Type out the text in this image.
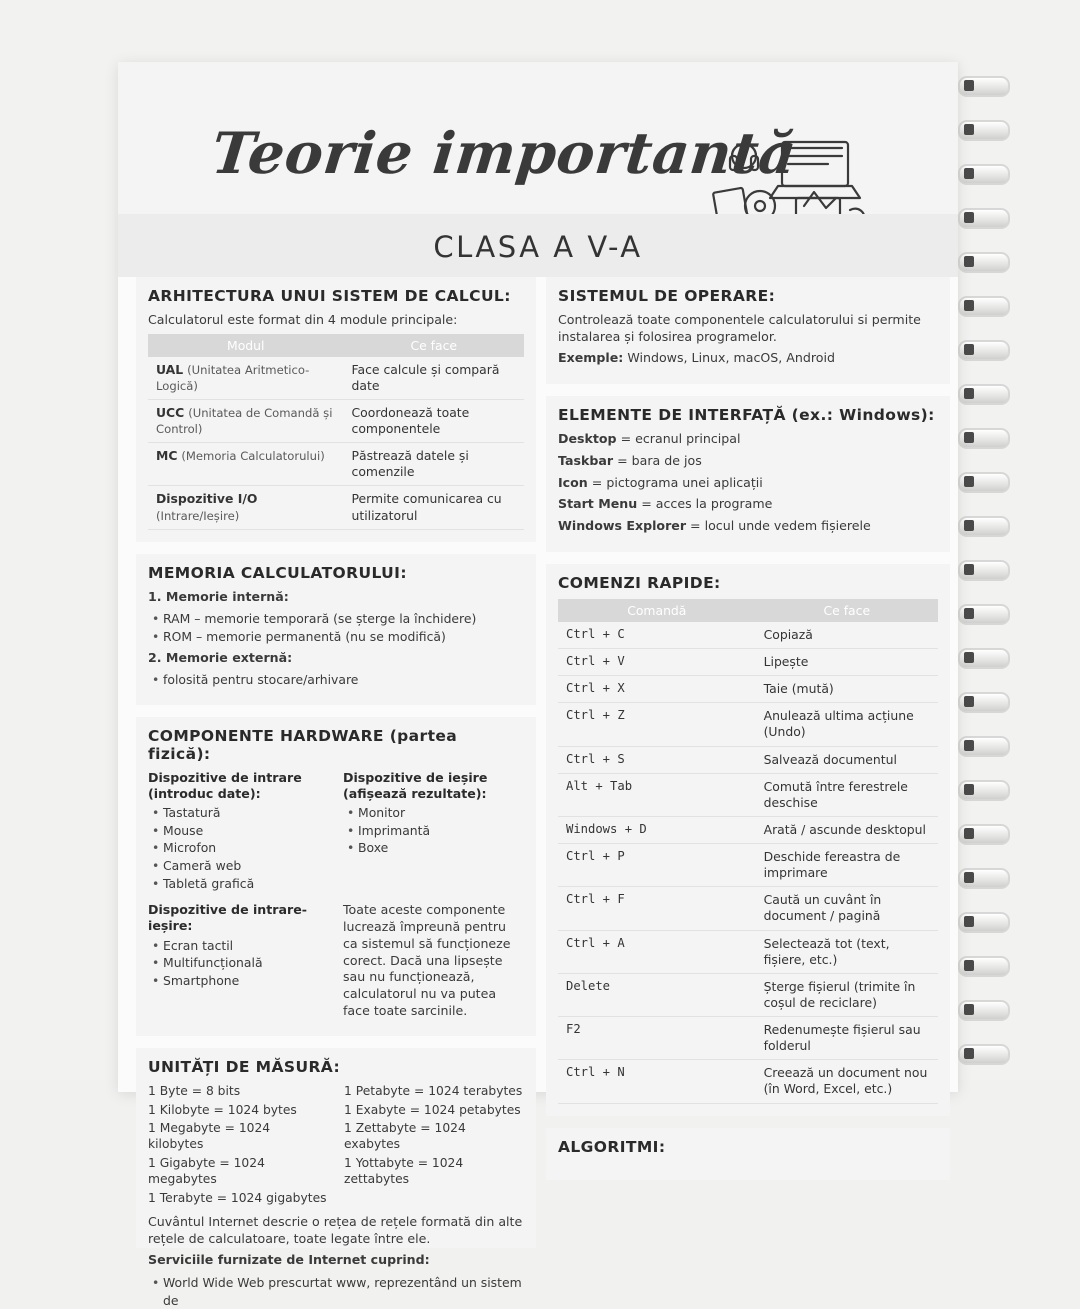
Teorie importantă
CLASA A V-A
ARHITECTURA UNUI SISTEM DE CALCUL:

Calculatorul este format din 4 module principale:

Modul	Ce face
UAL (Unitatea Aritmetico-Logică)	Face calcule și compară date
UCC (Unitatea de Comandă și Control)	Coordonează toate componentele
MC (Memoria Calculatorului)	Păstrează datele și comenzile
Dispozitive I/O (Intrare/Ieșire)	Permite comunicarea cu utilizatorul
MEMORIA CALCULATORULUI:

1. Memorie internă:

• RAM – memorie temporară (se șterge la închidere)
• ROM – memorie permanentă (nu se modifică)

2. Memorie externă:

• folosită pentru stocare/arhivare
COMPONENTE HARDWARE (partea fizică):
Dispozitive de intrare (introduc date):
• Tastatură
• Mouse
• Microfon
• Cameră web
• Tabletă grafică
Dispozitive de ieșire (afișează rezultate):
• Monitor
• Imprimantă
• Boxe
Dispozitive de intrare-ieșire:
• Ecran tactil
• Multifuncțională
• Smartphone

Toate aceste componente lucrează împreună pentru ca sistemul să funcționeze corect. Dacă una lipsește sau nu funcționează, calculatorul nu va putea face toate sarcinile.

UNITĂȚI DE MĂSURĂ:

1 Byte = 8 bits

1 Kilobyte = 1024 bytes

1 Megabyte = 1024 kilobytes

1 Gigabyte = 1024 megabytes

1 Terabyte = 1024 gigabytes

1 Petabyte = 1024 terabytes

1 Exabyte = 1024 petabytes

1 Zettabyte = 1024 exabytes

1 Yottabyte = 1024 zettabytes

Cuvântul Internet descrie o rețea de rețele formată din alte rețele de calculatoare, toate legate între ele.

Serviciile furnizate de Internet cuprind:

• World Wide Web prescurtat www, reprezentând un sistem de
SISTEMUL DE OPERARE:

Controlează toate componentele calculatorului si permite instalarea și folosirea programelor.

Exemple: Windows, Linux, macOS, Android

ELEMENTE DE INTERFAȚĂ (ex.: Windows):

Desktop = ecranul principal

Taskbar = bara de jos

Icon = pictograma unei aplicații

Start Menu = acces la programe

Windows Explorer = locul unde vedem fișierele

COMENZI RAPIDE:
Comandă	Ce face
Ctrl + C	Copiază
Ctrl + V	Lipește
Ctrl + X	Taie (mută)
Ctrl + Z	Anulează ultima acțiune (Undo)
Ctrl + S	Salvează documentul
Alt + Tab	Comută între ferestrele deschise
Windows + D	Arată / ascunde desktopul
Ctrl + P	Deschide fereastra de imprimare
Ctrl + F	Caută un cuvânt în document / pagină
Ctrl + A	Selectează tot (text, fișiere, etc.)
Delete	Șterge fișierul (trimite în coșul de reciclare)
F2	Redenumește fișierul sau folderul
Ctrl + N	Creează un document nou (în Word, Excel, etc.)
ALGORITMI:
